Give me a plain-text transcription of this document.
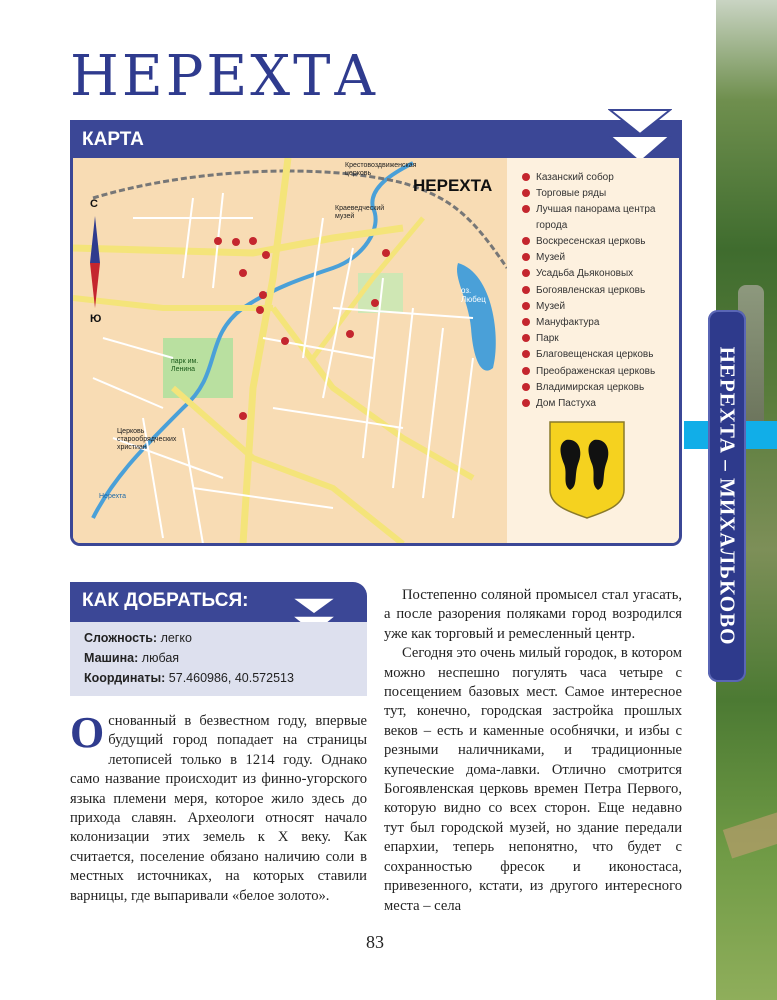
НЕРЕХТА – МИХАЛЬКОВО
НЕРЕХТА
КАРТА
С
Ю
НЕРЕХТА
Крестовоздвиженская церковь
Краеведческий музей
оз. Любец
парк им. Ленина
Церковь старообрядческих христиан
Нерехта
Казанский собор
Торговые ряды
Лучшая панорама центра города
Воскресенская церковь
Музей
Усадьба Дьяконовых
Богоявленская церковь
Музей
Мануфактура
Парк
Благовещенская церковь
Преображенская церковь
Владимирская церковь
Дом Пастуха
КАК ДОБРАТЬСЯ:
Сложность: легко
Машина: любая
Координаты: 57.460986, 40.572513

Основанный в безвестном году, впервые будущий город попадает на страницы летописей только в 1214 году. Однако само название происходит из финно-угорского языка племени меря, которое жило здесь до прихода славян. Археологи относят начало колонизации этих земель к X веку. Как считается, поселение обязано наличию соли в местных источниках, на которых ставили варницы, где выпаривали «белое золото».

Постепенно соляной промысел стал угасать, а после разорения поляками город возродился уже как торговый и ремесленный центр.

Сегодня это очень милый городок, в котором можно неспешно погулять часа четыре с посещением базовых мест. Самое интересное тут, конечно, городская застройка прошлых веков – есть и каменные особнячки, и избы с резными наличниками, и традиционные купеческие дома-лавки. Отлично смотрится Богоявленская церковь времен Петра Первого, которую видно со всех сторон. Еще недавно тут был городской музей, но здание передали епархии, теперь непонятно, что будет с сохранностью фресок и иконостаса, привезенного, кстати, из другого интересного места – села

83
